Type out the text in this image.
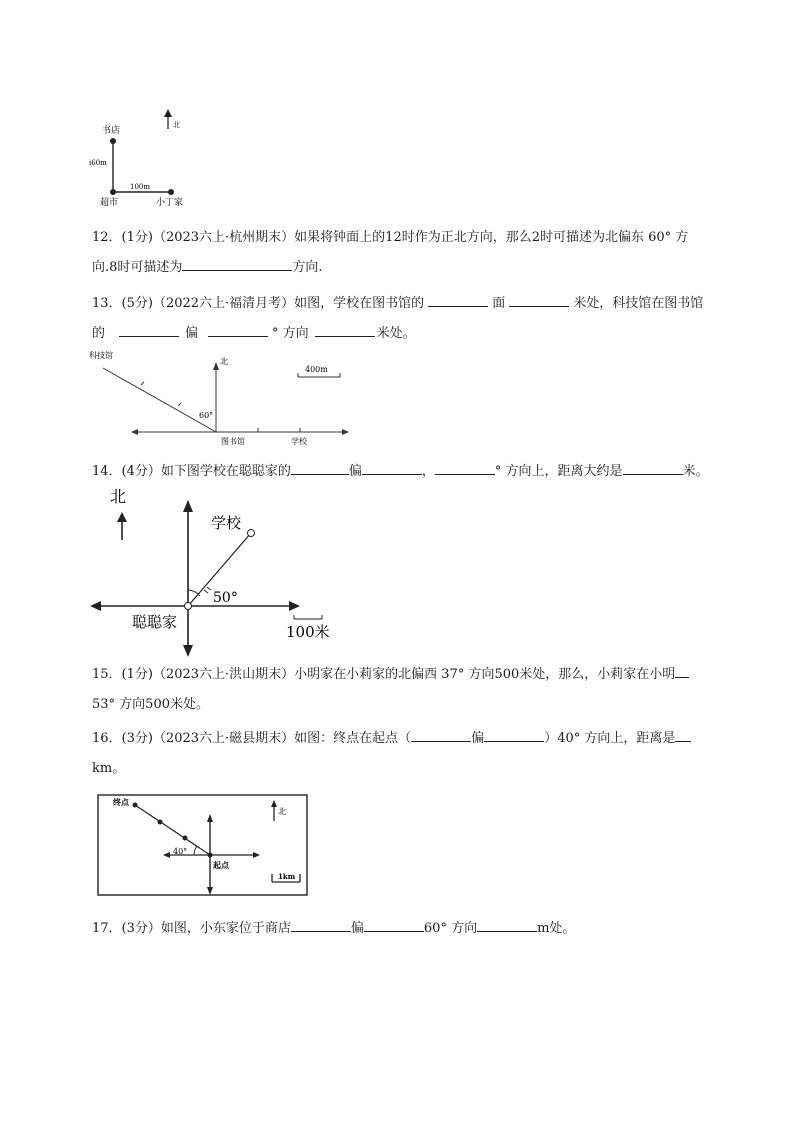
北
书店
i60m
100m
超市	小丁家
12．(1分)（2023六上·杭州期末）如果将钟面上的12时作为正北方向，那么2时可描述为北偏东 60° 方
向.8时可描述为	方向.
13．(5分)（2022六上·福清月考）如图，学校在图书馆的	面	米处，科技馆在图书馆
的	偏	° 方向	米处。
北
科技馆
60°
400m
图书馆	学校
14．(4分）如下图学校在聪聪家的	偏	，	° 方向上，距离大约是	米。
北
学校
50°
聪聪家
100米
15．(1分)（2023六上·洪山期末）小明家在小莉家的北偏西 37° 方向500米处，那么，小莉家在小明
53° 方向500米处。
16．(3分)（2023六上·磁县期末）如图：终点在起点（	偏	）40° 方向上，距离是
km。
终点
40°
起点
北
1km
17．(3分）如图，小东家位于商店	偏	60° 方向	m处。
